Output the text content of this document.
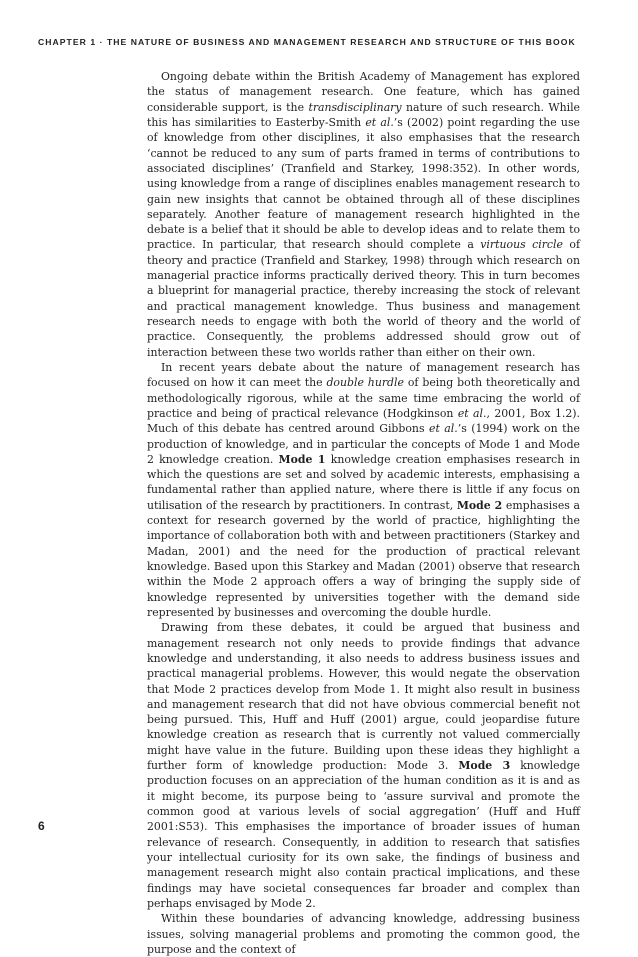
CHAPTER 1 · THE NATURE OF BUSINESS AND MANAGEMENT RESEARCH AND STRUCTURE OF THIS BOOK

Ongoing debate within the British Academy of Management has explored the status of management research. One feature, which has gained considerable support, is the transdisciplinary nature of such research. While this has similarities to Easterby-Smith et al.’s (2002) point regarding the use of knowledge from other disciplines, it also emphasises that the research ‘cannot be reduced to any sum of parts framed in terms of contributions to associated disciplines’ (Tranfield and Starkey, 1998:352). In other words, using knowledge from a range of disciplines enables management research to gain new insights that cannot be obtained through all of these disciplines separately. Another feature of management research highlighted in the debate is a belief that it should be able to develop ideas and to relate them to practice. In particular, that research should complete a virtuous circle of theory and practice (Tranfield and Starkey, 1998) through which research on managerial practice informs practically derived theory. This in turn becomes a blueprint for managerial practice, thereby increasing the stock of relevant and practical management knowledge. Thus business and management research needs to engage with both the world of theory and the world of practice. Consequently, the problems addressed should grow out of interaction between these two worlds rather than either on their own.

In recent years debate about the nature of management research has focused on how it can meet the double hurdle of being both theoretically and methodologically rigorous, while at the same time embracing the world of practice and being of practical relevance (Hodgkinson et al., 2001, Box 1.2). Much of this debate has centred around Gibbons et al.’s (1994) work on the production of knowledge, and in particular the concepts of Mode 1 and Mode 2 knowledge creation. Mode 1 knowledge creation emphasises research in which the questions are set and solved by academic interests, emphasising a fundamental rather than applied nature, where there is little if any focus on utilisation of the research by practitioners. In contrast, Mode 2 emphasises a context for research governed by the world of practice, highlighting the importance of collaboration both with and between practitioners (Starkey and Madan, 2001) and the need for the production of practical relevant knowledge. Based upon this Starkey and Madan (2001) observe that research within the Mode 2 approach offers a way of bringing the supply side of knowledge represented by universities together with the demand side represented by businesses and overcoming the double hurdle.

Drawing from these debates, it could be argued that business and management research not only needs to provide findings that advance knowledge and understanding, it also needs to address business issues and practical managerial problems. However, this would negate the observation that Mode 2 practices develop from Mode 1. It might also result in business and management research that did not have obvious commercial benefit not being pursued. This, Huff and Huff (2001) argue, could jeopardise future knowledge creation as research that is currently not valued commercially might have value in the future. Building upon these ideas they highlight a further form of knowledge production: Mode 3. Mode 3 knowledge production focuses on an appreciation of the human condition as it is and as it might become, its purpose being to ‘assure survival and promote the common good at various levels of social aggregation’ (Huff and Huff 2001:S53). This emphasises the importance of broader issues of human relevance of research. Consequently, in addition to research that satisfies your intellectual curiosity for its own sake, the findings of business and management research might also contain practical implications, and these findings may have societal consequences far broader and complex than perhaps envisaged by Mode 2.

Within these boundaries of advancing knowledge, addressing business issues, solving managerial problems and promoting the common good, the purpose and the context of

6
